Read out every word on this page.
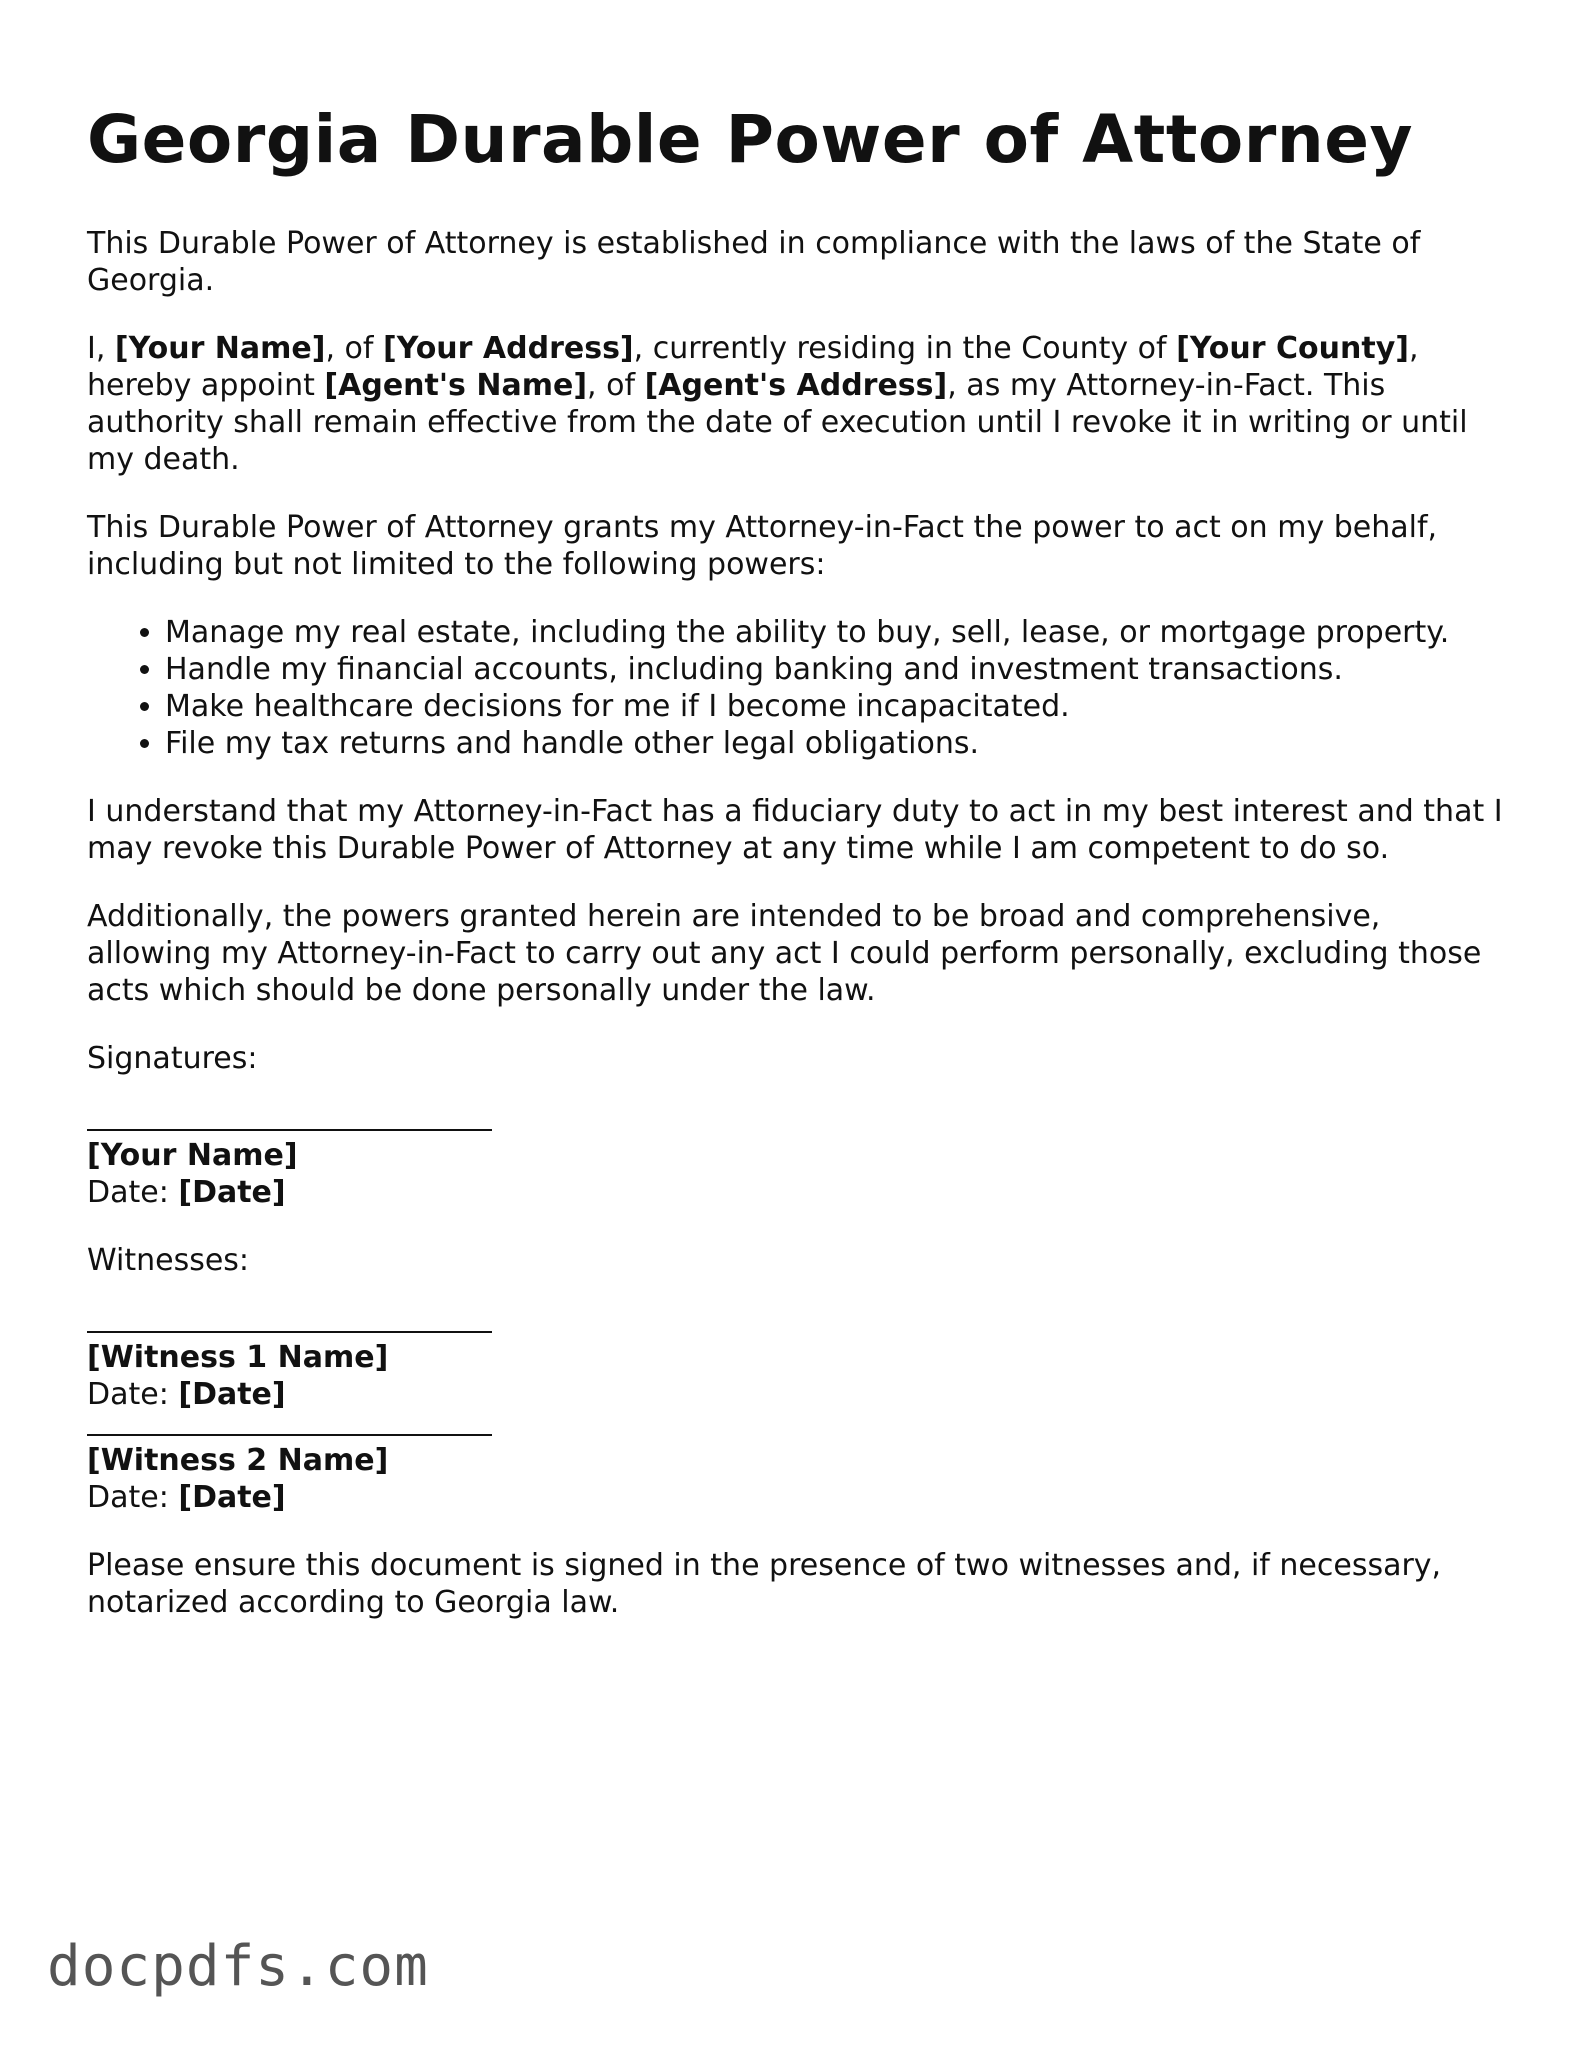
Georgia Durable Power of Attorney

This Durable Power of Attorney is established in compliance with the laws of the State of Georgia.

I, [Your Name], of [Your Address], currently residing in the County of [Your County], hereby appoint [Agent's Name], of [Agent's Address], as my Attorney-in-Fact. This authority shall remain effective from the date of execution until I revoke it in writing or until my death.

This Durable Power of Attorney grants my Attorney-in-Fact the power to act on my behalf, including but not limited to the following powers:

• Manage my real estate, including the ability to buy, sell, lease, or mortgage property.
• Handle my financial accounts, including banking and investment transactions.
• Make healthcare decisions for me if I become incapacitated.
• File my tax returns and handle other legal obligations.

I understand that my Attorney-in-Fact has a fiduciary duty to act in my best interest and that I may revoke this Durable Power of Attorney at any time while I am competent to do so.

Additionally, the powers granted herein are intended to be broad and comprehensive, allowing my Attorney-in-Fact to carry out any act I could perform personally, excluding those acts which should be done personally under the law.

Signatures:

[Your Name]
Date: [Date]

Witnesses:

[Witness 1 Name]
Date: [Date]
[Witness 2 Name]
Date: [Date]

Please ensure this document is signed in the presence of two witnesses and, if necessary, notarized according to Georgia law.

docpdfs.com
